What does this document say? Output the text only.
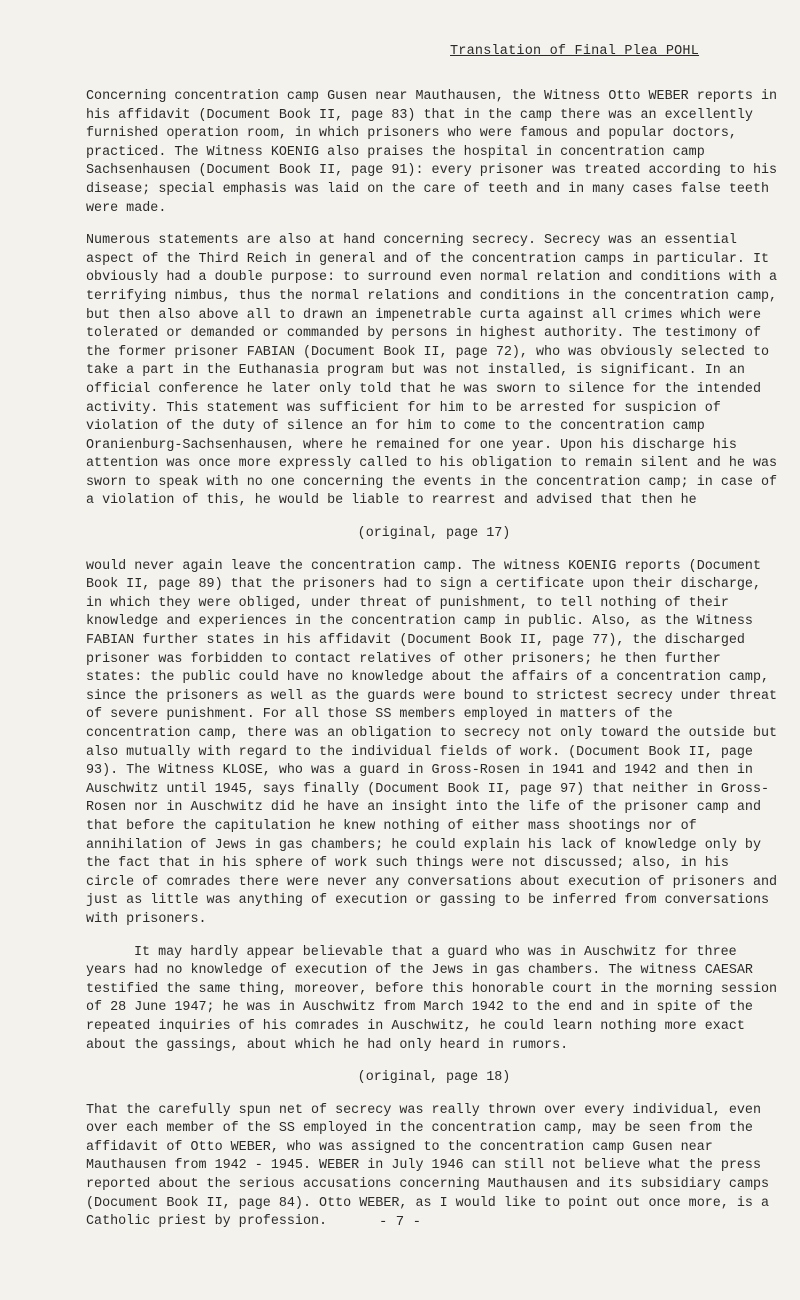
Translation of Final Plea POHL

Concerning concentration camp Gusen near Mauthausen, the Witness Otto WEBER reports in his affidavit (Document Book II, page 83) that in the camp there was an excellently furnished operation room, in which prisoners who were famous and popular doctors, practiced. The Witness KOENIG also praises the hospital in concentration camp Sachsenhausen (Document Book II, page 91): every prisoner was treated according to his disease; special emphasis was laid on the care of teeth and in many cases false teeth were made.

Numerous statements are also at hand concerning secrecy. Secrecy was an essential aspect of the Third Reich in general and of the concentration camps in particular. It obviously had a double purpose: to surround even normal relation and conditions with a terrifying nimbus, thus the normal relations and conditions in the concentration camp, but then also above all to drawn an impenetrable curta against all crimes which were tolerated or demanded or commanded by persons in highest authority. The testimony of the former prisoner FABIAN (Document Book II, page 72), who was obviously selected to take a part in the Euthanasia program but was not installed, is significant. In an official conference he later only told that he was sworn to silence for the intended activity. This statement was sufficient for him to be arrested for suspicion of violation of the duty of silence an for him to come to the concentration camp Oranienburg-Sachsenhausen, where he remained for one year. Upon his discharge his attention was once more expressly called to his obligation to remain silent and he was sworn to speak with no one concerning the events in the concentration camp; in case of a violation of this, he would be liable to rearrest and advised that then he

(original, page 17)

would never again leave the concentration camp. The witness KOENIG reports (Document Book II, page 89) that the prisoners had to sign a certificate upon their discharge, in which they were obliged, under threat of punishment, to tell nothing of their knowledge and experiences in the concentration camp in public. Also, as the Witness FABIAN further states in his affidavit (Document Book II, page 77), the discharged prisoner was forbidden to contact relatives of other prisoners; he then further states: the public could have no knowledge about the affairs of a concentration camp, since the prisoners as well as the guards were bound to strictest secrecy under threat of severe punishment. For all those SS members employed in matters of the concentration camp, there was an obligation to secrecy not only toward the outside but also mutually with regard to the individual fields of work. (Document Book II, page 93). The Witness KLOSE, who was a guard in Gross-Rosen in 1941 and 1942 and then in Auschwitz until 1945, says finally (Document Book II, page 97) that neither in Gross-Rosen nor in Auschwitz did he have an insight into the life of the prisoner camp and that before the capitulation he knew nothing of either mass shootings nor of annihilation of Jews in gas chambers; he could explain his lack of knowledge only by the fact that in his sphere of work such things were not discussed; also, in his circle of comrades there were never any conversations about execution of prisoners and just as little was anything of execution or gassing to be inferred from conversations with prisoners.

It may hardly appear believable that a guard who was in Auschwitz for three years had no knowledge of execution of the Jews in gas chambers. The witness CAESAR testified the same thing, moreover, before this honorable court in the morning session of 28 June 1947; he was in Auschwitz from March 1942 to the end and in spite of the repeated inquiries of his comrades in Auschwitz, he could learn nothing more exact about the gassings, about which he had only heard in rumors.

(original, page 18)

That the carefully spun net of secrecy was really thrown over every individual, even over each member of the SS employed in the concentration camp, may be seen from the affidavit of Otto WEBER, who was assigned to the concentration camp Gusen near Mauthausen from 1942 - 1945. WEBER in July 1946 can still not believe what the press reported about the serious accusations concerning Mauthausen and its subsidiary camps (Document Book II, page 84). Otto WEBER, as I would like to point out once more, is a Catholic priest by profession.	- 7 -
